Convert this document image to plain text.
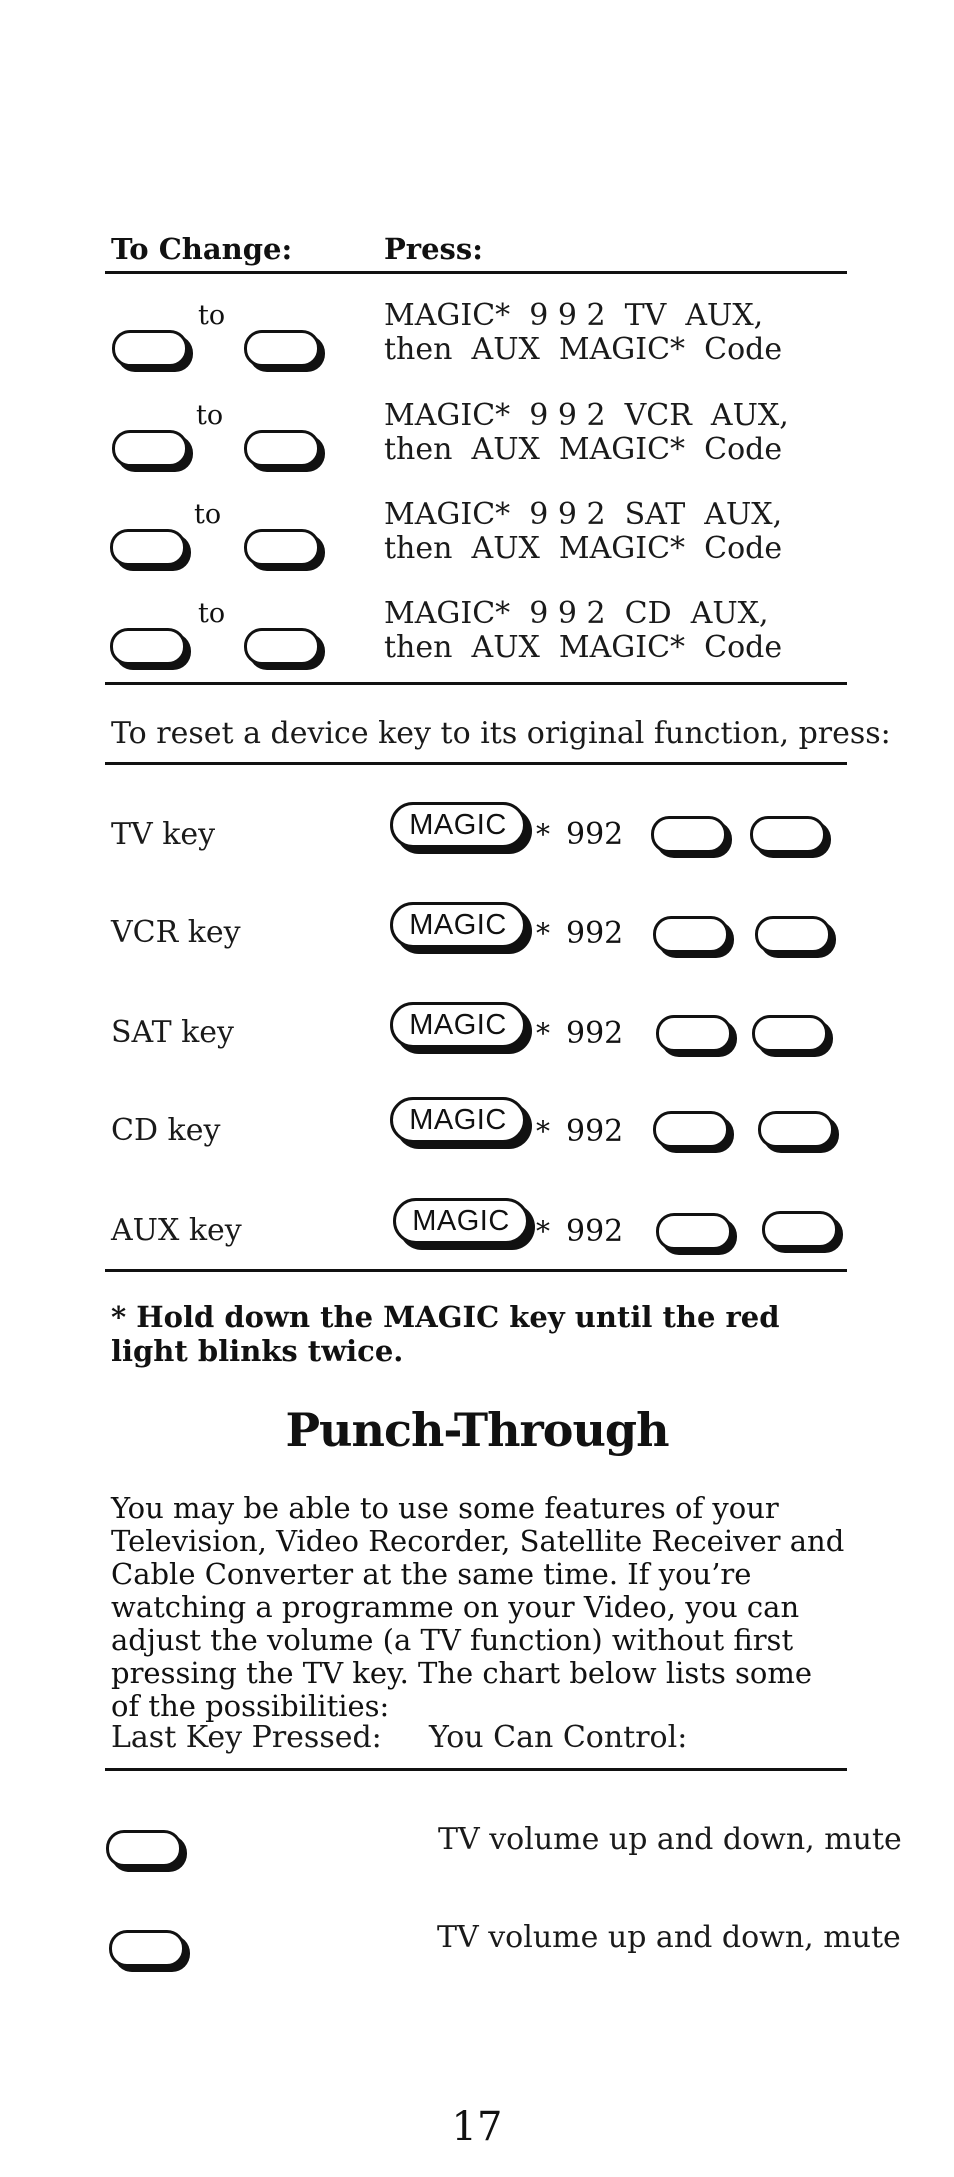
To Change:	Press:
to	MAGIC*  9 9 2  TV  AUX,
then  AUX  MAGIC*  Code
to	MAGIC*  9 9 2  VCR  AUX,
then  AUX  MAGIC*  Code
to	MAGIC*  9 9 2  SAT  AUX,
then  AUX  MAGIC*  Code
to	MAGIC*  9 9 2  CD  AUX,
then  AUX  MAGIC*  Code
To reset a device key to its original function, press:
TV key	MAGIC	* 992
VCR key	MAGIC	* 992
SAT key	MAGIC	* 992
CD key	MAGIC	* 992
AUX key	MAGIC * 992
* Hold down the MAGIC key until the red light blinks twice.
Punch-Through
You may be able to use some features of your Television, Video Recorder, Satellite Receiver and Cable Converter at the same time. If you’re watching a programme on your Video, you can adjust the volume (a TV function) without first pressing the TV key. The chart below lists some of the possibilities:
Last Key Pressed: You Can Control:
TV volume up and down, mute
TV volume up and down, mute
17
